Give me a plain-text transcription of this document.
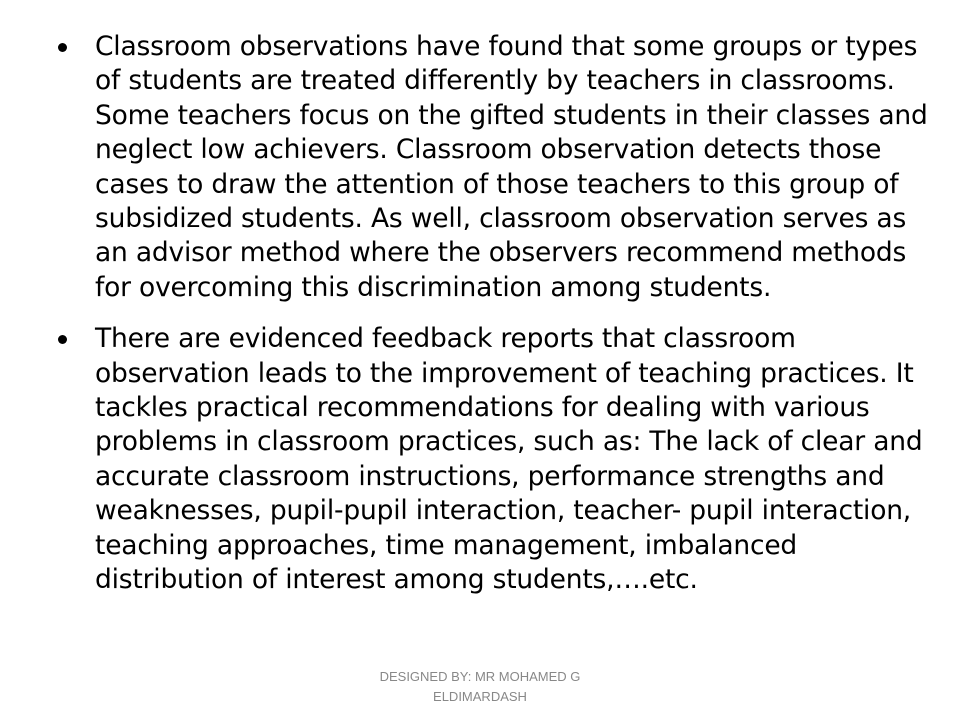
Classroom observations have found that some groups or types of students are treated differently by teachers in classrooms. Some teachers focus on the gifted students in their classes and neglect low achievers. Classroom observation detects those cases to draw the attention of those teachers to this group of subsidized students. As well, classroom observation serves as an advisor method where the observers recommend methods for overcoming this discrimination among students.
There are evidenced feedback reports that classroom observation leads to the improvement of teaching practices. It tackles practical recommendations for dealing with various problems in classroom practices, such as: The lack of clear and accurate classroom instructions, performance strengths and weaknesses, pupil-pupil interaction, teacher- pupil interaction, teaching approaches, time management, imbalanced distribution of interest among students,….etc.
DESIGNED BY: MR MOHAMED G ELDIMARDASH
